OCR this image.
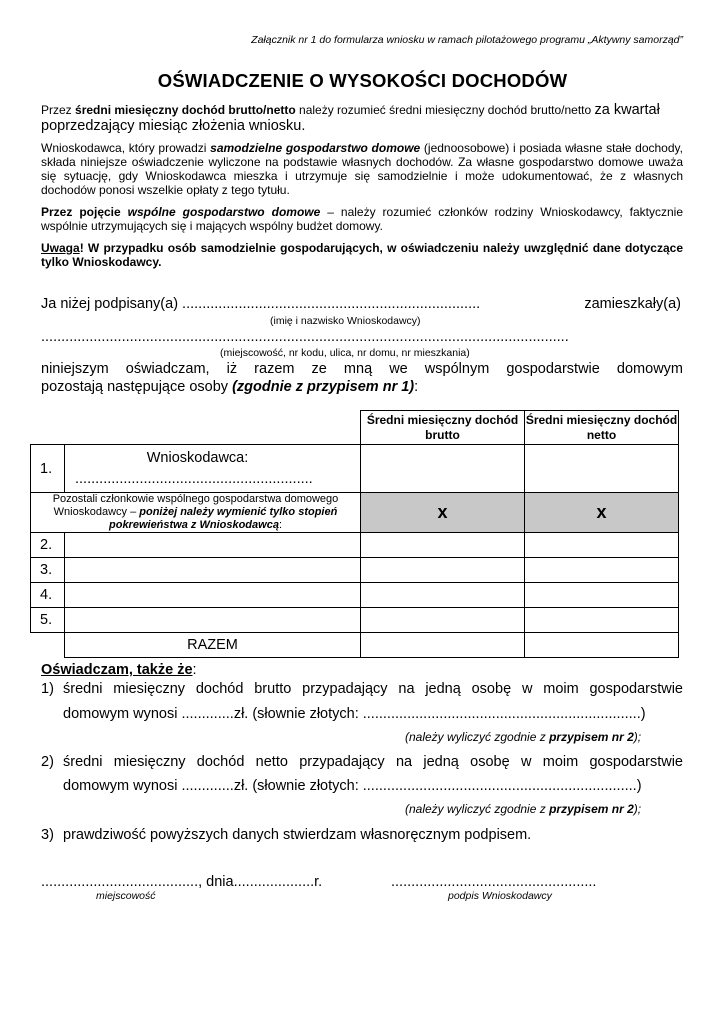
Załącznik nr 1 do formularza wniosku w ramach pilotażowego programu „Aktywny samorząd”
OŚWIADCZENIE O WYSOKOŚCI DOCHODÓW
Przez średni miesięczny dochód brutto/netto należy rozumieć średni miesięczny dochód brutto/netto za kwartał
poprzedzający miesiąc złożenia wniosku.
Wnioskodawca, który prowadzi samodzielne gospodarstwo domowe (jednoosobowe) i posiada własne stałe dochody, składa niniejsze oświadczenie wyliczone na podstawie własnych dochodów. Za własne gospodarstwo domowe uważa się sytuację, gdy Wnioskodawca mieszka i utrzymuje się samodzielnie i może udokumentować, że z własnych dochodów ponosi wszelkie opłaty z tego tytułu.
Przez pojęcie wspólne gospodarstwo domowe – należy rozumieć członków rodziny Wnioskodawcy, faktycznie wspólnie utrzymujących się i mających wspólny budżet domowy.
Uwaga! W przypadku osób samodzielnie gospodarujących, w oświadczeniu należy uwzględnić dane dotyczące tylko Wnioskodawcy.
Ja niżej podpisany(a) ..........................................................................	zamieszkały(a)
(imię i nazwisko Wnioskodawcy)
...................................................................................................................................
(miejscowość, nr kodu, ulica, nr domu, nr mieszkania)
niniejszym oświadczam, iż razem ze mną we wspólnym gospodarstwie domowym
pozostają następujące osoby (zgodnie z przypisem nr 1):
		Średni miesięczny dochód brutto	Średni miesięczny dochód netto
1.	Wnioskodawca:
...........................................................		

Pozostali członkowie wspólnego gospodarstwa domowego Wnioskodawcy – poniżej należy wymienić tylko stopień pokrewieństwa z Wnioskodawcą:		x	x
2.			
3.			
4.			
5.			
	RAZEM		
Oświadczam, także że:
1) średni miesięczny dochód brutto przypadający na jedną osobę w moim gospodarstwie
domowym wynosi .............zł. (słownie złotych: .....................................................................)
(należy wyliczyć zgodnie z przypisem nr 2);
2) średni miesięczny dochód netto przypadający na jedną osobę w moim gospodarstwie
domowym wynosi .............zł. (słownie złotych: ....................................................................)
(należy wyliczyć zgodnie z przypisem nr 2);
3) prawdziwość powyższych danych stwierdzam własnoręcznym podpisem.
......................................., dnia....................r.	...................................................
miejscowość	podpis Wnioskodawcy
